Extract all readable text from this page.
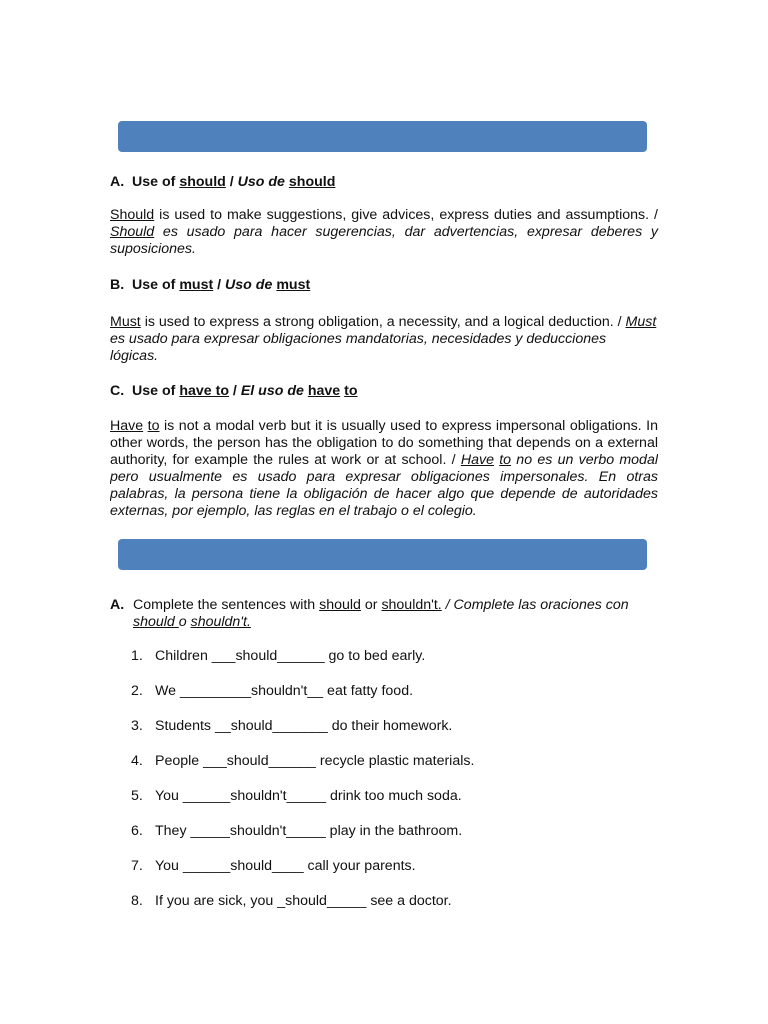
A. Use of should / Uso de should
Should is used to make suggestions, give advices, express duties and assumptions. / Should es usado para hacer sugerencias, dar advertencias, expresar deberes y suposiciones.
B. Use of must / Uso de must
Must is used to express a strong obligation, a necessity, and a logical deduction. / Must es usado para expresar obligaciones mandatorias, necesidades y deducciones lógicas.
C. Use of have to / El uso de have to
Have to is not a modal verb but it is usually used to express impersonal obligations. In other words, the person has the obligation to do something that depends on a external authority, for example the rules at work or at school. / Have to no es un verbo modal pero usualmente es usado para expresar obligaciones impersonales. En otras palabras, la persona tiene la obligación de hacer algo que depende de autoridades externas, por ejemplo, las reglas en el trabajo o el colegio.
A. Complete the sentences with should or shouldn't. / Complete las oraciones con should o shouldn't.
1. Children ___should______ go to bed early.
2. We _________shouldn't__ eat fatty food.
3. Students __should_______ do their homework.
4. People ___should______ recycle plastic materials.
5. You ______shouldn't_____ drink too much soda.
6. They _____shouldn't_____ play in the bathroom.
7. You ______should____ call your parents.
8. If you are sick, you _should_____ see a doctor.
